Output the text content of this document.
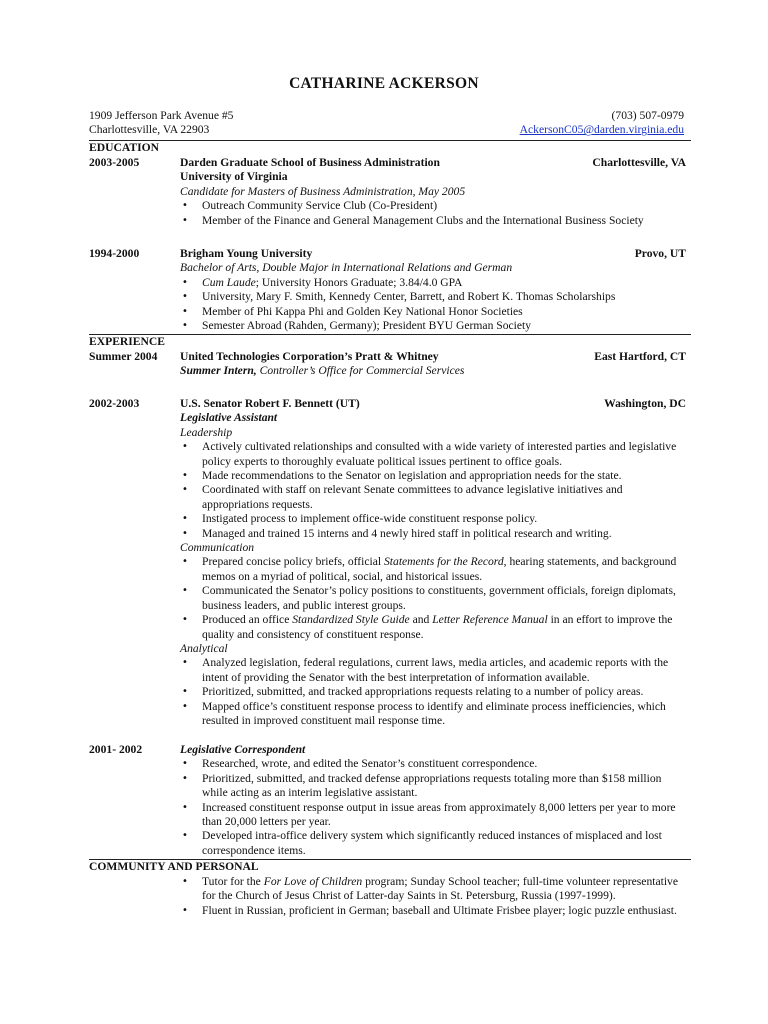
CATHARINE ACKERSON
1909 Jefferson Park Avenue #5
Charlottesville, VA 22903
(703) 507-0979
AckersonC05@darden.virginia.edu
EDUCATION
2003-2005	Darden Graduate School of Business Administration	Charlottesville, VA
University of Virginia
Candidate for Masters of Business Administration, May 2005
• Outreach Community Service Club (Co-President)
• Member of the Finance and General Management Clubs and the International Business Society
1994-2000	Brigham Young University	Provo, UT
Bachelor of Arts, Double Major in International Relations and German
• Cum Laude; University Honors Graduate; 3.84/4.0 GPA
• University, Mary F. Smith, Kennedy Center, Barrett, and Robert K. Thomas Scholarships
• Member of Phi Kappa Phi and Golden Key National Honor Societies
• Semester Abroad (Rahden, Germany); President BYU German Society
EXPERIENCE
Summer 2004 United Technologies Corporation’s Pratt & Whitney	East Hartford, CT
Summer Intern, Controller’s Office for Commercial Services
2002-2003	U.S. Senator Robert F. Bennett (UT)	Washington, DC
Legislative Assistant
Leadership
• Actively cultivated relationships and consulted with a wide variety of interested parties and legislative policy experts to thoroughly evaluate political issues pertinent to office goals.
• Made recommendations to the Senator on legislation and appropriation needs for the state.
• Coordinated with staff on relevant Senate committees to advance legislative initiatives and appropriations requests.
• Instigated process to implement office-wide constituent response policy.
• Managed and trained 15 interns and 4 newly hired staff in political research and writing.
Communication
• Prepared concise policy briefs, official Statements for the Record, hearing statements, and background memos on a myriad of political, social, and historical issues.
• Communicated the Senator’s policy positions to constituents, government officials, foreign diplomats, business leaders, and public interest groups.
• Produced an office Standardized Style Guide and Letter Reference Manual in an effort to improve the quality and consistency of constituent response.
Analytical
• Analyzed legislation, federal regulations, current laws, media articles, and academic reports with the intent of providing the Senator with the best interpretation of information available.
• Prioritized, submitted, and tracked appropriations requests relating to a number of policy areas.
• Mapped office’s constituent response process to identify and eliminate process inefficiencies, which resulted in improved constituent mail response time.
2001- 2002	Legislative Correspondent
• Researched, wrote, and edited the Senator’s constituent correspondence.
• Prioritized, submitted, and tracked defense appropriations requests totaling more than $158 million while acting as an interim legislative assistant.
• Increased constituent response output in issue areas from approximately 8,000 letters per year to more than 20,000 letters per year.
• Developed intra-office delivery system which significantly reduced instances of misplaced and lost correspondence items.
COMMUNITY AND PERSONAL
• Tutor for the For Love of Children program; Sunday School teacher; full-time volunteer representative for the Church of Jesus Christ of Latter-day Saints in St. Petersburg, Russia (1997-1999).
• Fluent in Russian, proficient in German; baseball and Ultimate Frisbee player; logic puzzle enthusiast.
